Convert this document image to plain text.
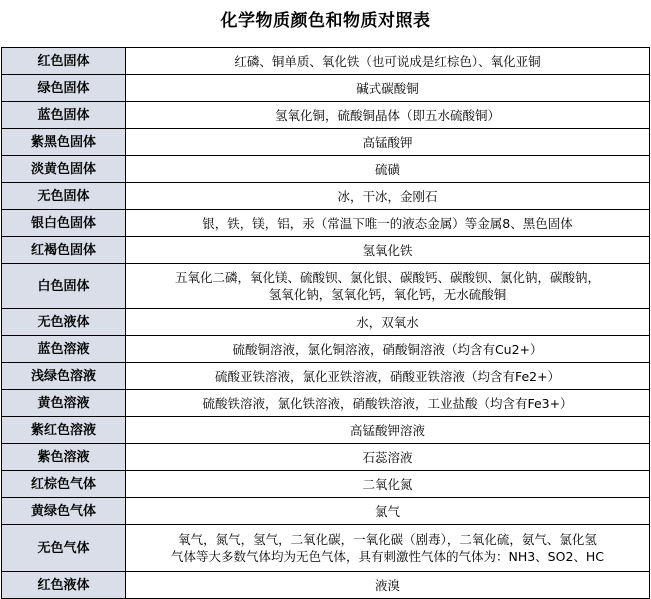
化学物质颜色和物质对照表
红色固体	红磷、铜单质、氧化铁（也可说成是红棕色）、氧化亚铜

绿色固体	碱式碳酸铜

蓝色固体	氢氧化铜，硫酸铜晶体（即五水硫酸铜）

紫黑色固体	高锰酸钾

淡黄色固体	硫磺

无色固体	冰，干冰，金刚石

银白色固体	银，铁，镁，铝，汞（常温下唯一的液态金属）等金属8、黑色固体

红褐色固体	氢氧化铁

白色固体	五氧化二磷，氧化镁、硫酸钡、氯化银、碳酸钙、碳酸钡、氯化钠，碳酸钠，
氢氧化钠，氢氧化钙，氧化钙，无水硫酸铜

无色液体	水，双氧水

蓝色溶液	硫酸铜溶液，氯化铜溶液，硝酸铜溶液（均含有Cu2+）

浅绿色溶液	硫酸亚铁溶液，氯化亚铁溶液，硝酸亚铁溶液（均含有Fe2+）

黄色溶液	硫酸铁溶液，氯化铁溶液，硝酸铁溶液，工业盐酸（均含有Fe3+）

紫红色溶液	高锰酸钾溶液

紫色溶液	石蕊溶液

红棕色气体	二氧化氮

黄绿色气体	氯气

无色气体	氧气，氮气，氢气，二氧化碳，一氧化碳（剧毒），二氧化硫，氨气、氯化氢
气体等大多数气体均为无色气体，具有刺激性气体的气体为：NH3、SO2、HC

红色液体	液溴
